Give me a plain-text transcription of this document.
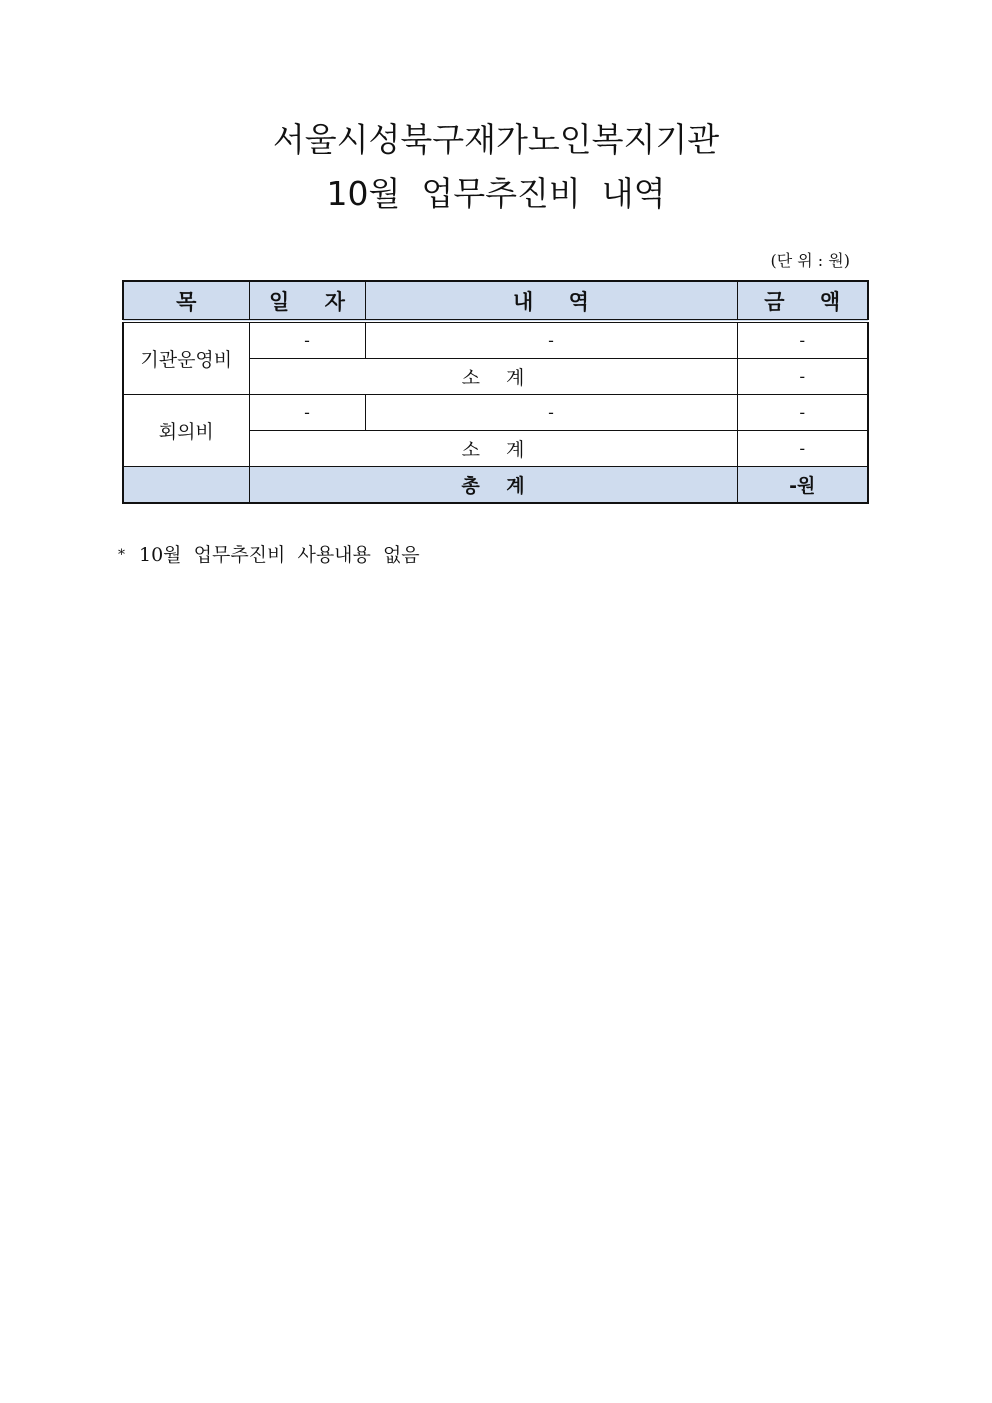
서울시성북구재가노인복지기관
10월  업무추진비  내역
(단 위 : 원)
목	일 자	내 역	금 액
기관운영비	-	-	-
	소 계		-
회의비	-	-	-
	소 계		-
	총 계		-원
* 10월  업무추진비  사용내용  없음
